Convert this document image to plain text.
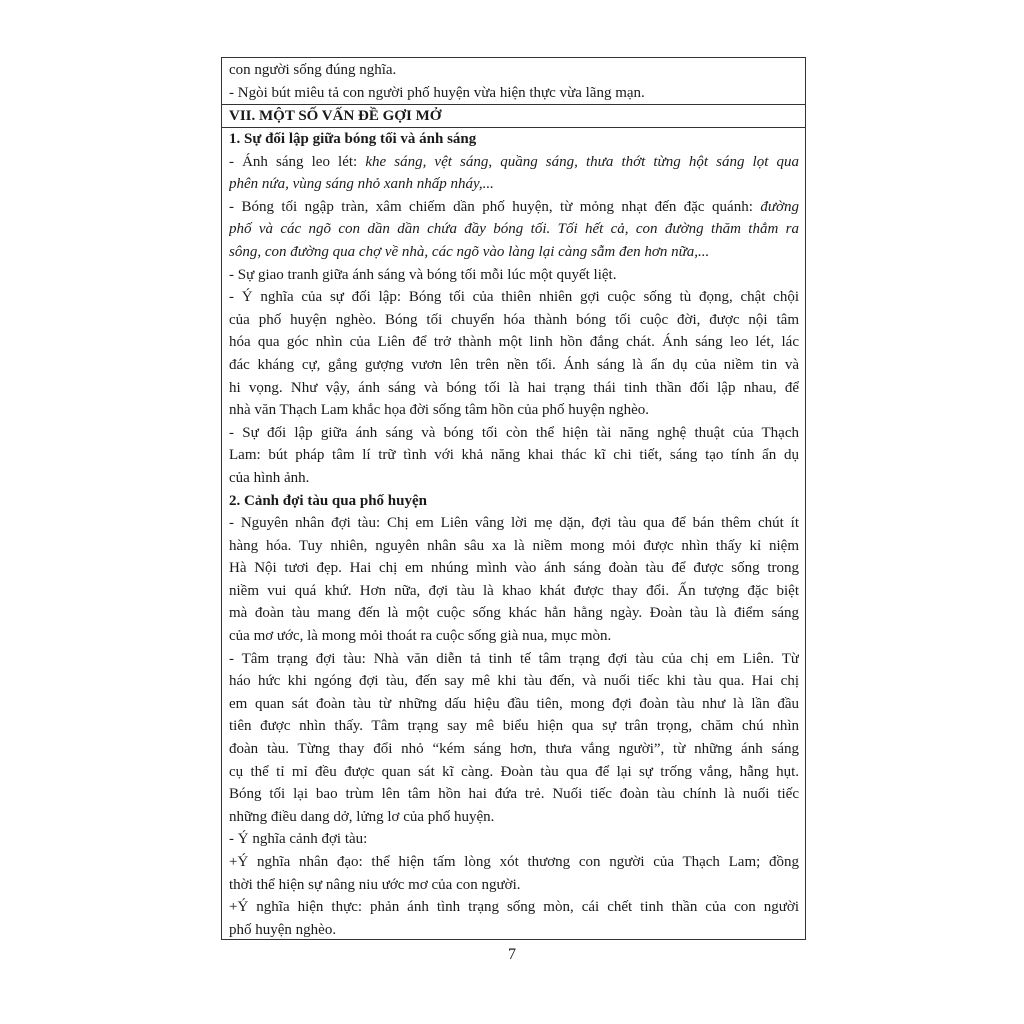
con người sống đúng nghĩa.
- Ngòi bút miêu tả con người phố huyện vừa hiện thực vừa lãng mạn.
VII. MỘT SỐ VẤN ĐỀ GỢI MỞ
1. Sự đối lập giữa bóng tối và ánh sáng
- Ánh sáng leo lét: khe sáng, vệt sáng, quầng sáng, thưa thớt từng hột sáng lọt qua
phên nứa, vùng sáng nhỏ xanh nhấp nháy,...
- Bóng tối ngập tràn, xâm chiếm dần phố huyện, từ mỏng nhạt đến đặc quánh: đường
phố và các ngõ con dần dần chứa đầy bóng tối. Tối hết cả, con đường thăm thẳm ra
sông, con đường qua chợ về nhà, các ngõ vào làng lại càng sẫm đen hơn nữa,...
- Sự giao tranh giữa ánh sáng và bóng tối mỗi lúc một quyết liệt.
- Ý nghĩa của sự đối lập: Bóng tối của thiên nhiên gợi cuộc sống tù đọng, chật chội
của phố huyện nghèo. Bóng tối chuyển hóa thành bóng tối cuộc đời, được nội tâm
hóa qua góc nhìn của Liên để trở thành một linh hồn đắng chát. Ánh sáng leo lét, lác
đác kháng cự, gắng gượng vươn lên trên nền tối. Ánh sáng là ẩn dụ của niềm tin và
hi vọng. Như vậy, ánh sáng và bóng tối là hai trạng thái tinh thần đối lập nhau, để
nhà văn Thạch Lam khắc họa đời sống tâm hồn của phố huyện nghèo.
- Sự đối lập giữa ánh sáng và bóng tối còn thể hiện tài năng nghệ thuật của Thạch
Lam: bút pháp tâm lí trữ tình với khả năng khai thác kĩ chi tiết, sáng tạo tính ẩn dụ
của hình ảnh.
2. Cảnh đợi tàu qua phố huyện
- Nguyên nhân đợi tàu: Chị em Liên vâng lời mẹ dặn, đợi tàu qua để bán thêm chút ít
hàng hóa. Tuy nhiên, nguyên nhân sâu xa là niềm mong mỏi được nhìn thấy kỉ niệm
Hà Nội tươi đẹp. Hai chị em nhúng mình vào ánh sáng đoàn tàu để được sống trong
niềm vui quá khứ. Hơn nữa, đợi tàu là khao khát được thay đổi. Ấn tượng đặc biệt
mà đoàn tàu mang đến là một cuộc sống khác hẳn hằng ngày. Đoàn tàu là điểm sáng
của mơ ước, là mong mỏi thoát ra cuộc sống già nua, mục mòn.
- Tâm trạng đợi tàu: Nhà văn diễn tả tinh tế tâm trạng đợi tàu của chị em Liên. Từ
háo hức khi ngóng đợi tàu, đến say mê khi tàu đến, và nuối tiếc khi tàu qua. Hai chị
em quan sát đoàn tàu từ những dấu hiệu đầu tiên, mong đợi đoàn tàu như là lần đầu
tiên được nhìn thấy. Tâm trạng say mê biểu hiện qua sự trân trọng, chăm chú nhìn
đoàn tàu. Từng thay đổi nhỏ “kém sáng hơn, thưa vắng người”, từ những ánh sáng
cụ thể tỉ mỉ đều được quan sát kĩ càng. Đoàn tàu qua để lại sự trống vắng, hẫng hụt.
Bóng tối lại bao trùm lên tâm hồn hai đứa trẻ. Nuối tiếc đoàn tàu chính là nuối tiếc
những điều dang dở, lửng lơ của phố huyện.
- Ý nghĩa cảnh đợi tàu:
+Ý nghĩa nhân đạo: thể hiện tấm lòng xót thương con người của Thạch Lam; đồng
thời thể hiện sự nâng niu ước mơ của con người.
+Ý nghĩa hiện thực: phản ánh tình trạng sống mòn, cái chết tinh thần của con người
phố huyện nghèo.
7
